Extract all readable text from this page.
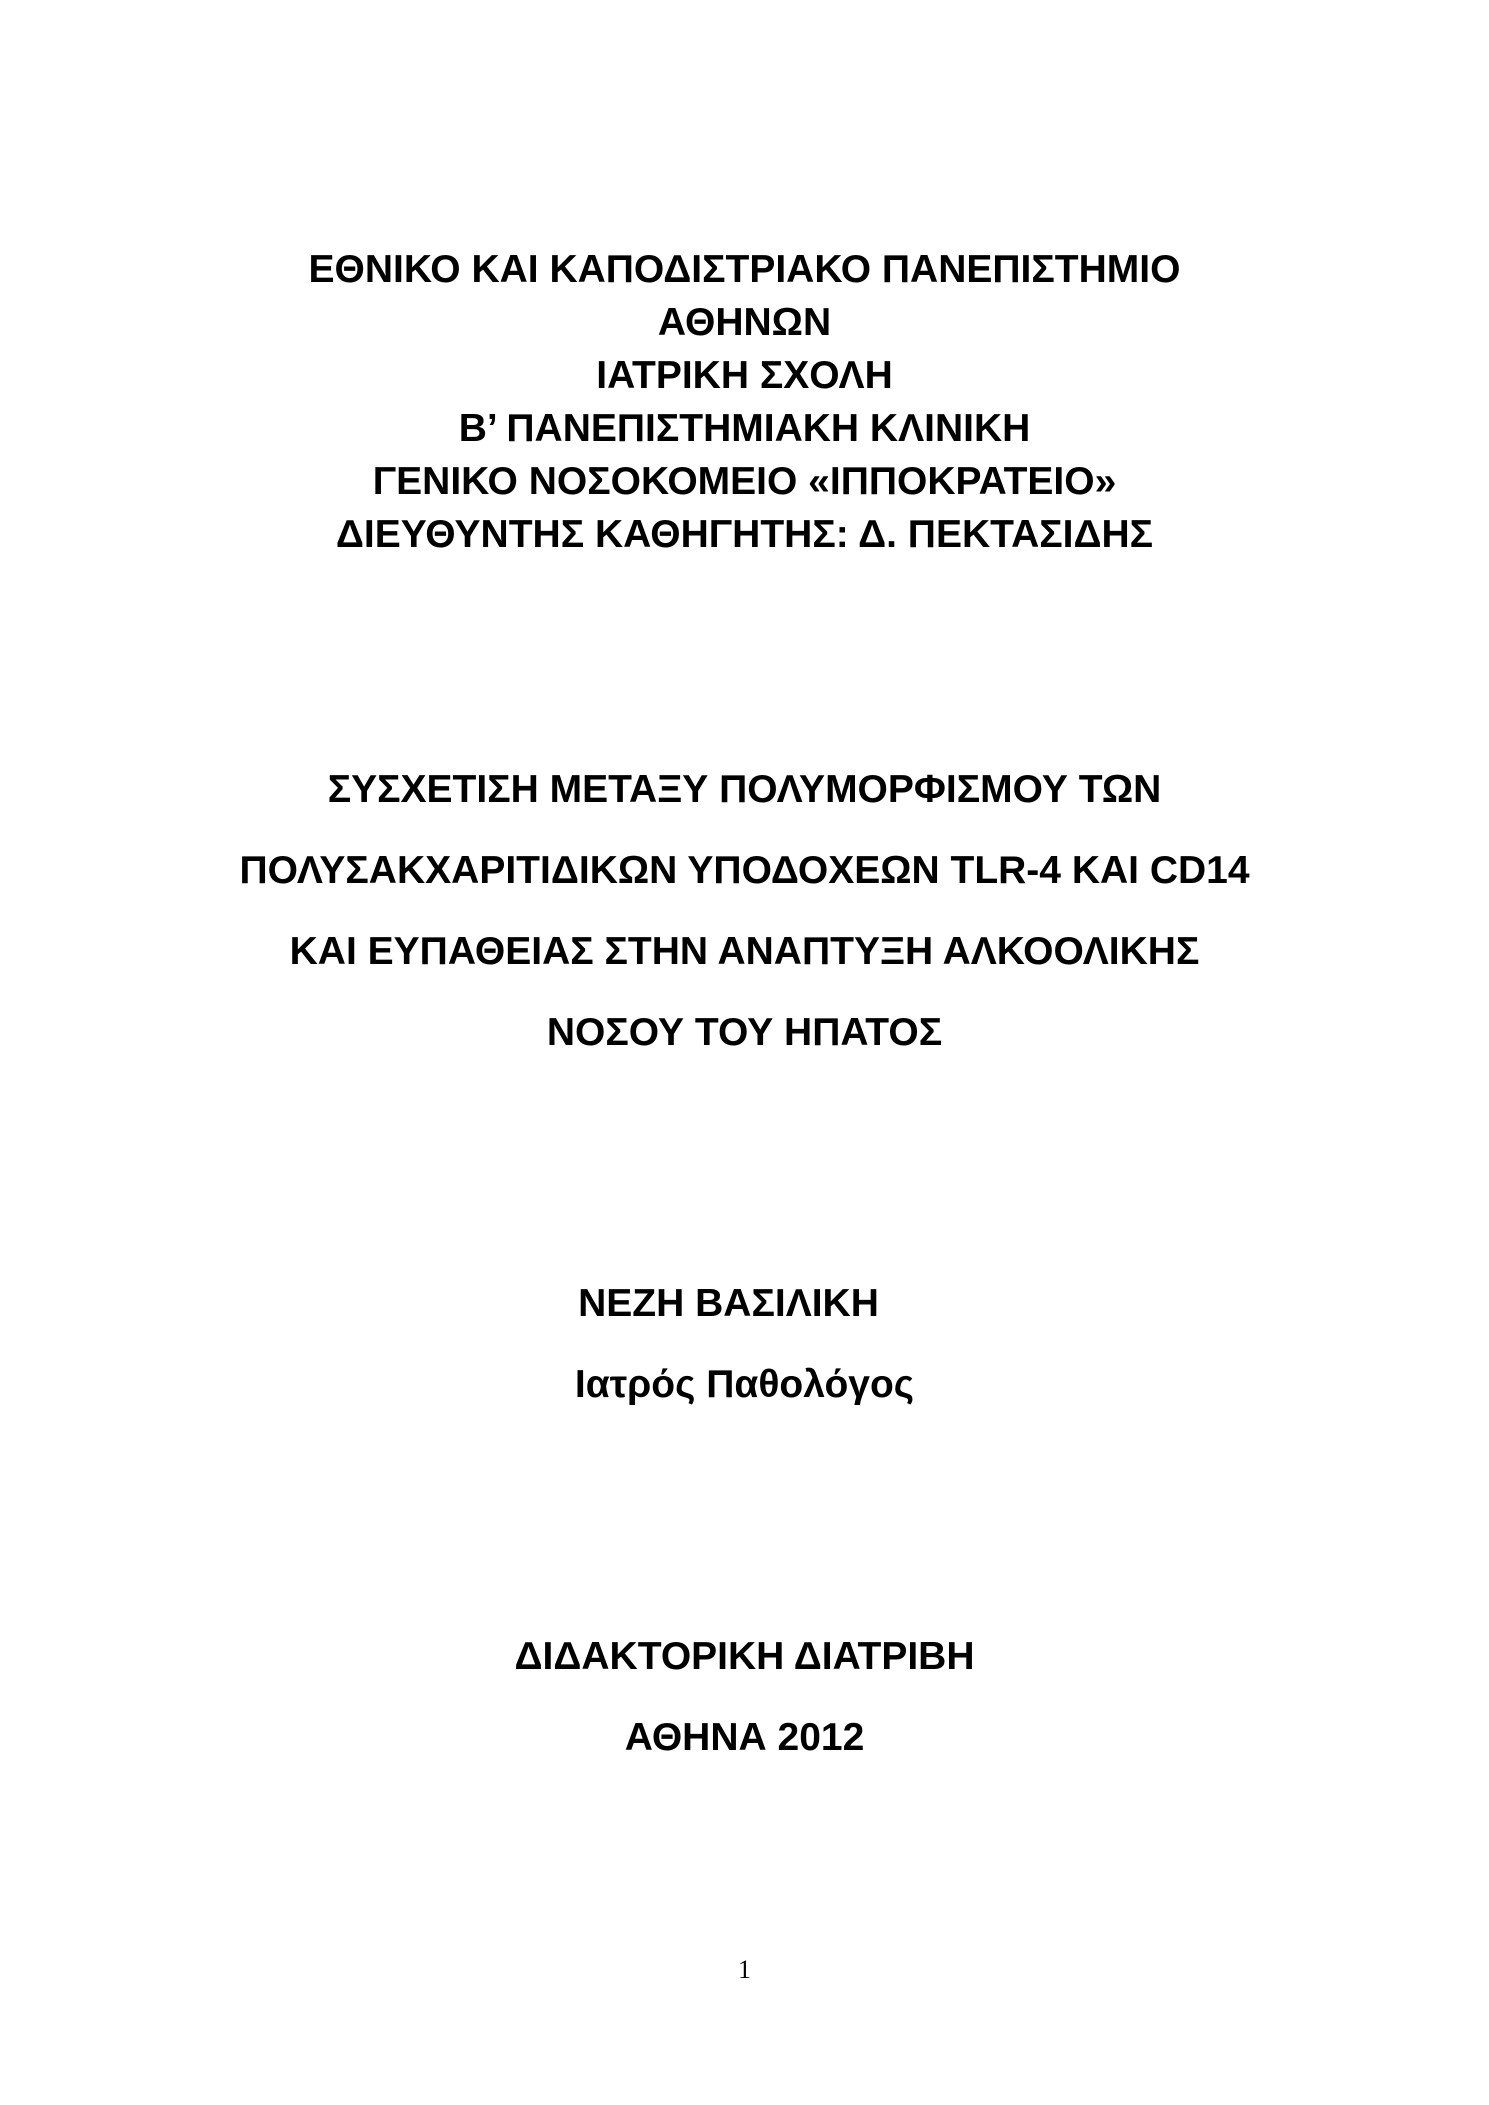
ΕΘΝΙΚΟ ΚΑΙ ΚΑΠΟΔΙΣΤΡΙΑΚΟ ΠΑΝΕΠΙΣΤΗΜΙΟ
ΑΘΗΝΩΝ
ΙΑΤΡΙΚΗ ΣΧΟΛΗ
Β’ ΠΑΝΕΠΙΣΤΗΜΙΑΚΗ ΚΛΙΝΙΚΗ
ΓΕΝΙΚΟ ΝΟΣΟΚΟΜΕΙΟ «ΙΠΠΟΚΡΑΤΕΙΟ»
ΔΙΕΥΘΥΝΤΗΣ ΚΑΘΗΓΗΤΗΣ: Δ. ΠΕΚΤΑΣΙΔΗΣ
ΣΥΣΧΕΤΙΣΗ ΜΕΤΑΞΥ ΠΟΛΥΜΟΡΦΙΣΜΟΥ ΤΩΝ
ΠΟΛΥΣΑΚΧΑΡΙΤΙΔΙΚΩΝ ΥΠΟΔΟΧΕΩΝ TLR-4 ΚΑΙ CD14
ΚΑΙ ΕΥΠΑΘΕΙΑΣ ΣΤΗΝ ΑΝΑΠΤΥΞΗ ΑΛΚΟΟΛΙΚΗΣ
ΝΟΣΟΥ ΤΟΥ ΗΠΑΤΟΣ
ΝΕΖΗ ΒΑΣΙΛΙΚΗ
Ιατρός Παθολόγος
ΔΙΔΑΚΤΟΡΙΚΗ ΔΙΑΤΡΙΒΗ
ΑΘΗΝΑ 2012
1
